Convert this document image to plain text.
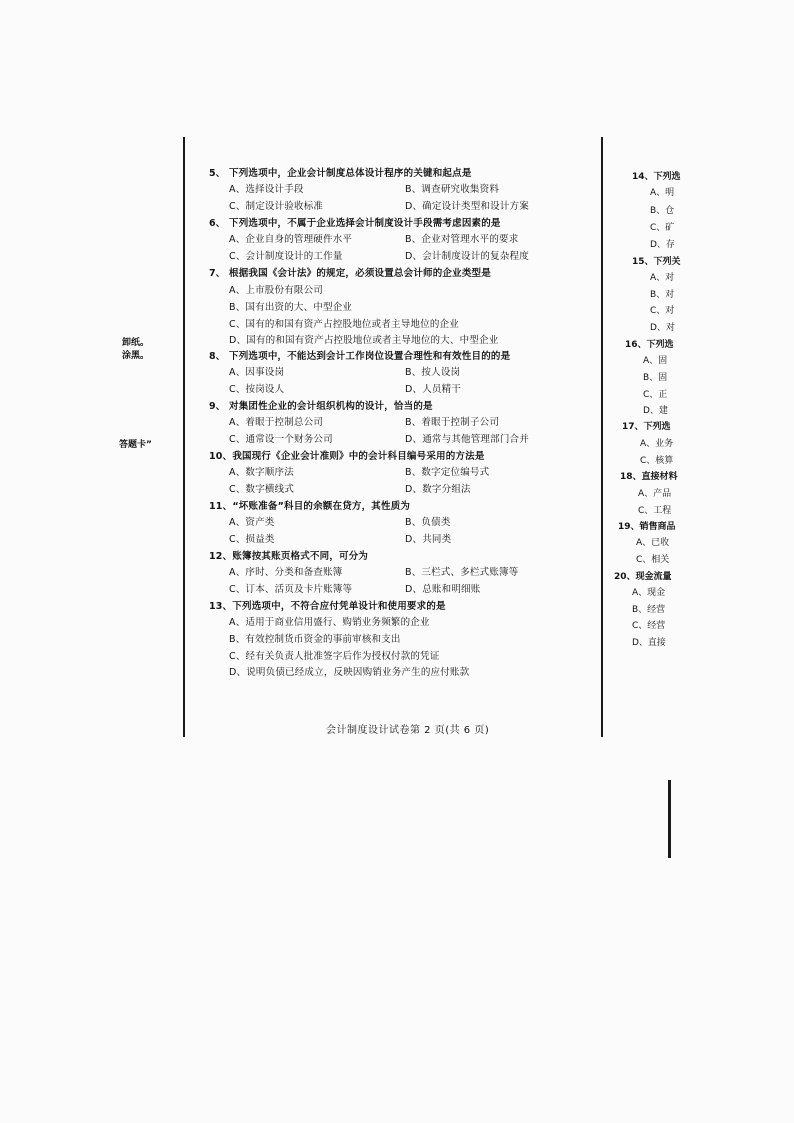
卸纸。
涂黑。
答题卡”
5、 下列选项中，企业会计制度总体设计程序的关键和起点是
A、选择设计手段	B、调查研究收集资料
C、制定设计验收标准	D、确定设计类型和设计方案
6、 下列选项中，不属于企业选择会计制度设计手段需考虑因素的是
A、企业自身的管理硬件水平	B、企业对管理水平的要求
C、会计制度设计的工作量	D、会计制度设计的复杂程度
7、 根据我国《会计法》的规定，必须设置总会计师的企业类型是
A、上市股份有限公司
B、国有出资的大、中型企业
C、国有的和国有资产占控股地位或者主导地位的企业
D、国有的和国有资产占控股地位或者主导地位的大、中型企业
8、 下列选项中，不能达到会计工作岗位设置合理性和有效性目的的是
A、因事设岗	B、按人设岗
C、按岗设人	D、人员精干
9、 对集团性企业的会计组织机构的设计，恰当的是
A、着眼于控制总公司	B、着眼于控制子公司
C、通常设一个财务公司	D、通常与其他管理部门合并
10、我国现行《企业会计准则》中的会计科目编号采用的方法是
A、数字顺序法	B、数字定位编号式
C、数字横线式	D、数字分组法
11、“坏账准备”科目的余额在贷方，其性质为
A、资产类	B、负债类
C、损益类	D、共同类
12、账簿按其账页格式不同，可分为
A、序时、分类和备查账簿	B、三栏式、多栏式账簿等
C、订本、活页及卡片账簿等	D、总账和明细账
13、下列选项中，不符合应付凭单设计和使用要求的是
A、适用于商业信用盛行、购销业务频繁的企业
B、有效控制货币资金的事前审核和支出
C、经有关负责人批准签字后作为授权付款的凭证
D、说明负债已经成立，反映因购销业务产生的应付账款
会计制度设计试卷第 2 页(共 6 页)
14、下列选
A、明
B、仓
C、矿
D、存
15、下列关
A、对
B、对
C、对
D、对
16、下列选
A、固
B、固
C、正
D、建
17、下列选
A、业务
C、核算
18、直接材料
A、产品
C、工程
19、销售商品
A、已收
C、相关
20、现金流量
A、现金
B、经营
C、经营
D、直接
